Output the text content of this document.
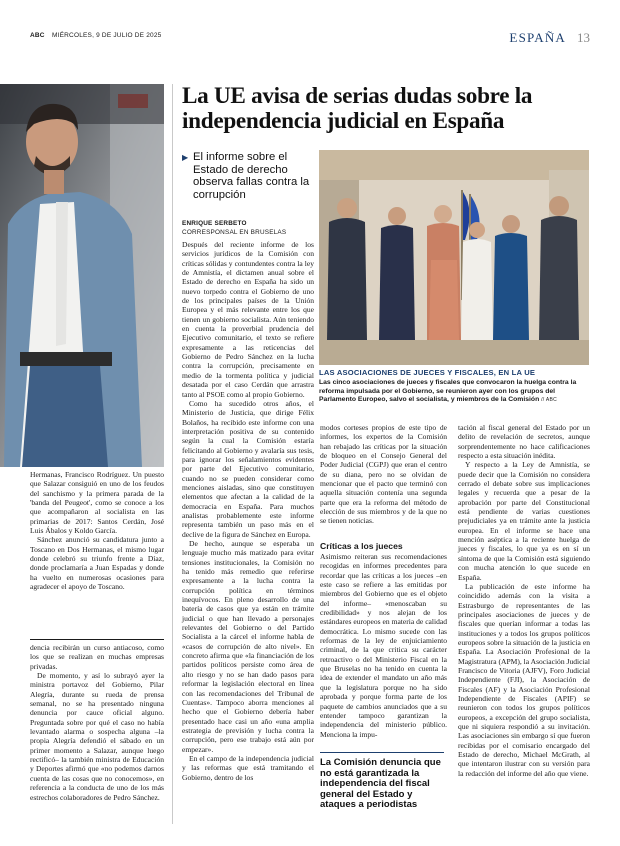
ABC MIÉRCOLES, 9 DE JULIO DE 2025	ESPAÑA 13
La UE avisa de serias dudas sobre la independencia judicial en España
▶ El informe sobre el Estado de derecho observa fallas contra la corrupción
ENRIQUE SERBETO
CORRESPONSAL EN BRUSELAS
LAS ASOCIACIONES DE JUECES Y FISCALES, EN LA UE
Las cinco asociaciones de jueces y fiscales que convocaron la huelga contra la reforma impulsada por el Gobierno, se reunieron ayer con los grupos del Parlamento Europeo, salvo el socialista, y miembros de la Comisión // ABC

Hermanas, Francisco Rodríguez. Un puesto que Salazar consiguió en uno de los feudos del sanchismo y la primera parada de la 'banda del Peugeot', como se conoce a los que acompañaron al socialista en las primarias de 2017: Santos Cerdán, José Luis Ábalos y Koldo García.

Sánchez anunció su candidatura junto a Toscano en Dos Hermanas, el mismo lugar donde celebró su triunfo frente a Díaz, donde proclamaría a Juan Espadas y donde ha vuelto en numerosas ocasiones para agradecer el apoyo de Toscano.

dencia recibirán un curso antiacoso, como los que se realizan en muchas empresas privadas.

De momento, y así lo subrayó ayer la ministra portavoz del Gobierno, Pilar Alegría, durante su rueda de prensa semanal, no se ha presentado ninguna denuncia por cauce oficial alguno. Preguntada sobre por qué el caso no había levantado alarma o sospecha alguna –la propia Alegría defendió el sábado en un primer momento a Salazar, aunque luego rectificó– la también ministra de Educación y Deportes afirmó que «no podemos darnos cuenta de las cosas que no conocemos», en referencia a la conducta de uno de los más estrechos colaboradores de Pedro Sánchez.

Después del reciente informe de los servicios jurídicos de la Comisión con críticas sólidas y contundentes contra la ley de Amnistía, el dictamen anual sobre el Estado de derecho en España ha sido un nuevo torpedo contra el Gobierno de uno de los principales países de la Unión Europea y el más relevante entre los que tienen un gobierno socialista. Aún teniendo en cuenta la proverbial prudencia del Ejecutivo comunitario, el texto se refiere expresamente a las reticencias del Gobierno de Pedro Sánchez en la lucha contra la corrupción, precisamente en medio de la tormenta política y judicial desatada por el caso Cerdán que arrastra tanto al PSOE como al propio Gobierno.

Como ha sucedido otros años, el Ministerio de Justicia, que dirige Félix Bolaños, ha recibido este informe con una interpretación positiva de su contenido según la cual la Comisión estaría felicitando al Gobierno y avalaría sus tesis, para ignorar los señalamientos evidentes por parte del Ejecutivo comunitario, cuando no se pueden considerar como menciones aisladas, sino que constituyen elementos que afectan a la calidad de la democracia en España. Para muchos analistas probablemente este informe representa también un paso más en el declive de la figura de Sánchez en Europa.

De hecho, aunque se esperaba un lenguaje mucho más matizado para evitar tensiones institucionales, la Comisión no ha tenido más remedio que referirse expresamente a la lucha contra la corrupción política en términos inequívocos. En pleno desarrollo de una batería de casos que ya están en trámite judicial o que han llevado a personajes relevantes del Gobierno o del Partido Socialista a la cárcel el informe habla de «casos de corrupción de alto nivel». En concreto afirma que «la financiación de los partidos políticos persiste como área de alto riesgo y no se han dado pasos para reformar la legislación electoral en línea con las recomendaciones del Tribunal de Cuentas». Tampoco aborra menciones al hecho que el Gobierno debería haber presentado hace casi un año «una amplia estrategia de previsión y lucha contra la corrupción, pero ese trabajo está aún por empezar».

En el campo de la independencia judicial y las reformas que está tramitando el Gobierno, dentro de los

modos corteses propios de este tipo de informes, los expertos de la Comisión han rebajado las críticas por la situación de bloqueo en el Consejo General del Poder Judicial (CGPJ) que eran el centro de su diana, pero no se olvidan de mencionar que el pacto que terminó con aquella situación contenía una segunda parte que era la reforma del método de elección de sus miembros y de la que no se tienen noticias.

Críticas a los jueces

Asimismo reiteran sus recomendaciones recogidas en informes precedentes para recordar que las críticas a los jueces –en este caso se refiere a las emitidas por miembros del Gobierno que es el objeto del informe– «menoscaban su credibilidad» y nos alejan de los estándares europeos en materia de calidad democrática. Lo mismo sucede con las reformas de la ley de enjuiciamiento criminal, de la que critica su carácter retroactivo o del Ministerio Fiscal en la que Bruselas no ha tenido en cuenta la idea de extender el mandato un año más que la legislatura porque no ha sido aprobada y porque forma parte de los paquete de cambios anunciados que a su entender tampoco garantizan la independencia del ministerio público. Menciona la impu-

La Comisión denuncia que no está garantizada la independencia del fiscal general del Estado y ataques a periodistas

tación al fiscal general del Estado por un delito de revelación de secretos, aunque sorprendentemente no hace calificaciones respecto a esta situación inédita.

Y respecto a la Ley de Amnistía, se puede decir que la Comisión no considera cerrado el debate sobre sus implicaciones legales y recuerda que a pesar de la aprobación por parte del Constitucional está pendiente de varias cuestiones prejudiciales ya en trámite ante la justicia europea. En el informe se hace una mención aséptica a la reciente huelga de jueces y fiscales, lo que ya es en sí un síntoma de que la Comisión está siguiendo con mucha atención lo que sucede en España.

La publicación de este informe ha coincidido además con la visita a Estrasburgo de representantes de las principales asociaciones de jueces y de fiscales que querían informar a todas las instituciones y a todos los grupos políticos europeos sobre la situación de la justicia en España. La Asociación Profesional de la Magistratura (APM), la Asociación Judicial Francisco de Vitoria (AJFV), Foro Judicial Independiente (FJI), la Asociación de Fiscales (AF) y la Asociación Profesional Independiente de Fiscales (APIF) se reunieron con todos los grupos políticos europeos, a excepción del grupo socialista, que ni siquiera respondió a su invitación. Las asociaciones sin embargo sí que fueron recibidas por el comisario encargado del Estado de derecho, Michael McGrath, al que intentaron ilustrar con su versión para la redacción del informe del año que viene.
